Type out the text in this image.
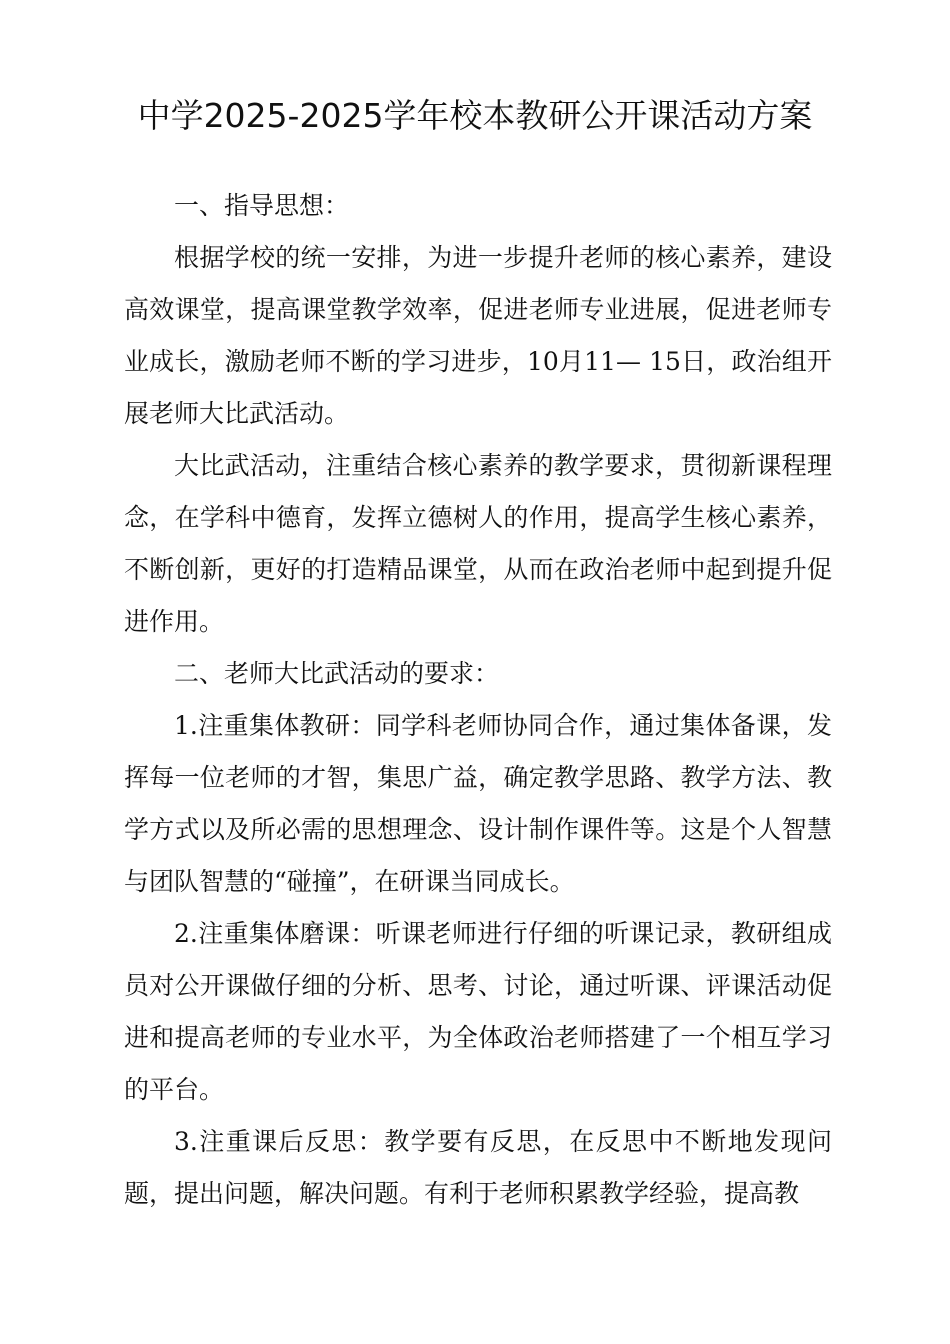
中学2025-2025学年校本教研公开课活动方案

一、指导思想：

根据学校的统一安排，为进一步提升老师的核心素养，建设高效课堂，提高课堂教学效率，促进老师专业进展，促进老师专业成长，激励老师不断的学习进步，10月11— 15日，政治组开展老师大比武活动。

大比武活动，注重结合核心素养的教学要求，贯彻新课程理念，在学科中德育，发挥立德树人的作用，提高学生核心素养，不断创新，更好的打造精品课堂，从而在政治老师中起到提升促进作用。

二、老师大比武活动的要求：

1.注重集体教研：同学科老师协同合作，通过集体备课，发挥每一位老师的才智，集思广益，确定教学思路、教学方法、教学方式以及所必需的思想理念、设计制作课件等。这是个人智慧与团队智慧的“碰撞”，在研课当同成长。

2.注重集体磨课：听课老师进行仔细的听课记录，教研组成员对公开课做仔细的分析、思考、讨论，通过听课、评课活动促进和提高老师的专业水平，为全体政治老师搭建了一个相互学习的平台。

3.注重课后反思：教学要有反思，在反思中不断地发现问题，提出问题，解决问题。有利于老师积累教学经验，提高教
